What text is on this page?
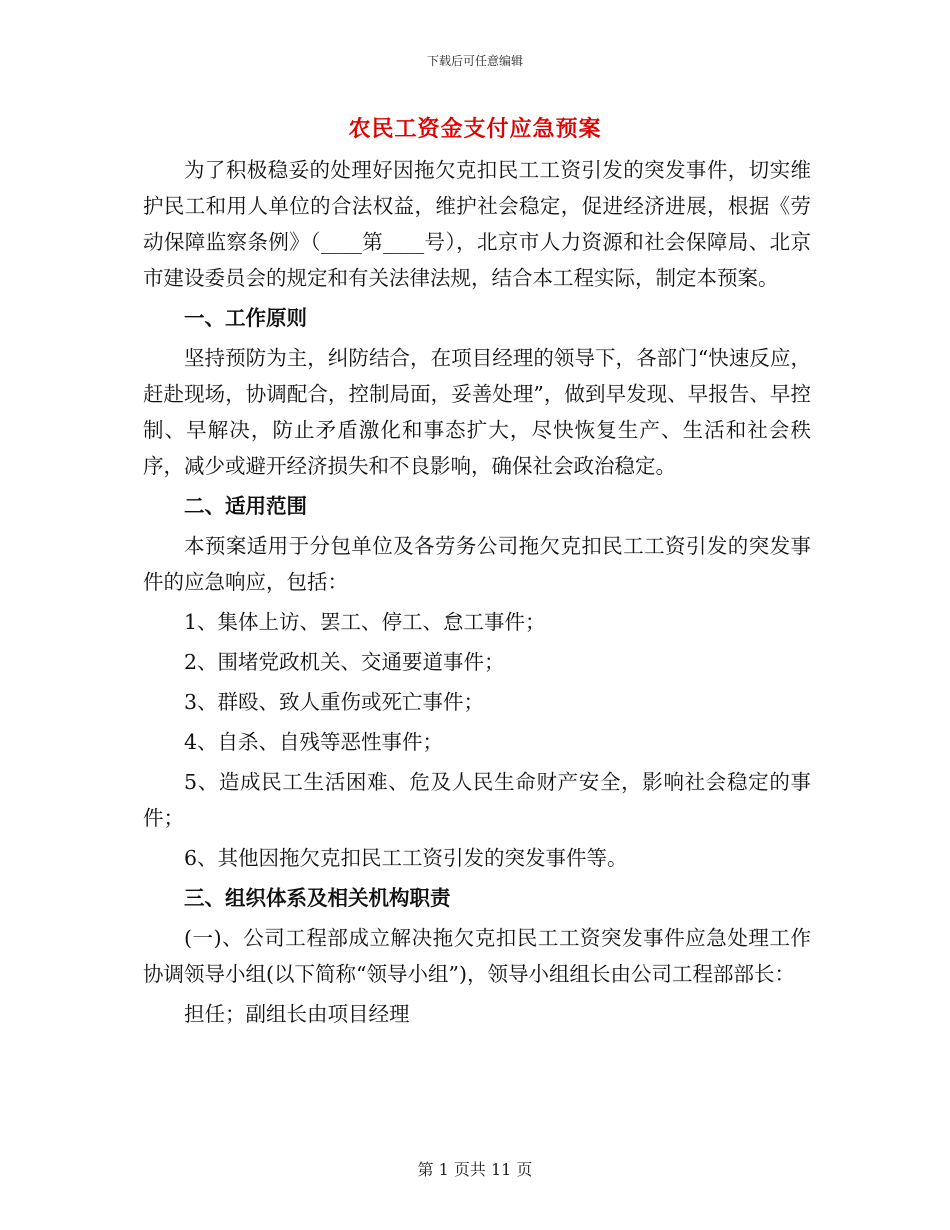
下载后可任意编辑
农民工资金支付应急预案

为了积极稳妥的处理好因拖欠克扣民工工资引发的突发事件，切实维护民工和用人单位的合法权益，维护社会稳定，促进经济进展，根据《劳动保障监察条例》（____第____号），北京市人力资源和社会保障局、北京市建设委员会的规定和有关法律法规，结合本工程实际，制定本预案。

一、工作原则

坚持预防为主，纠防结合，在项目经理的领导下，各部门“快速反应，赶赴现场，协调配合，控制局面，妥善处理”，做到早发现、早报告、早控制、早解决，防止矛盾激化和事态扩大，尽快恢复生产、生活和社会秩序，减少或避开经济损失和不良影响，确保社会政治稳定。

二、适用范围

本预案适用于分包单位及各劳务公司拖欠克扣民工工资引发的突发事件的应急响应，包括：

1、集体上访、罢工、停工、怠工事件；

2、围堵党政机关、交通要道事件；

3、群殴、致人重伤或死亡事件；

4、自杀、自残等恶性事件；

5、造成民工生活困难、危及人民生命财产安全，影响社会稳定的事件；

6、其他因拖欠克扣民工工资引发的突发事件等。

三、组织体系及相关机构职责

(一)、公司工程部成立解决拖欠克扣民工工资突发事件应急处理工作协调领导小组(以下简称“领导小组”)，领导小组组长由公司工程部部长：

担任；副组长由项目经理

第 1 页共 11 页
